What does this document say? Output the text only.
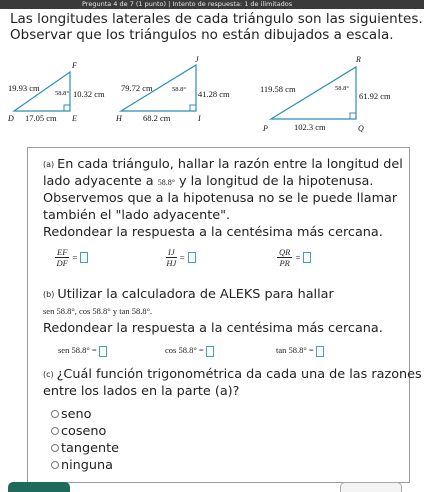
Pregunta 4 de 7 (1 punto) | Intento de respuesta: 1 de ilimitados
Las longitudes laterales de cada triángulo son las siguientes.
Observar que los triángulos no están dibujados a escala.
F
D	E
19.93 cm
10.32 cm
17.05 cm
58.8°
J
H	I
79.72 cm
41.28 cm
68.2 cm
58.8°
R
P	Q
119.58 cm
61.92 cm
102.3 cm
58.8°
(a) En cada triángulo, hallar la razón entre la longitud del
lado adyacente a 58.8° y la longitud de la hipotenusa.
Observemos que a la hipotenusa no se le puede llamar
también el "lado adyacente".
Redondear la respuesta a la centésima más cercana.
$\frac{EF}{DF}$ =	$\frac{IJ}{HJ}$ =	$\frac{QR}{PR}$ =
(b) Utilizar la calculadora de ALEKS para hallar
sen 58.8°, cos 58.8° y tan 58.8°.
Redondear la respuesta a la centésima más cercana.
sen 58.8° =	cos 58.8° =	tan 58.8° =
(c) ¿Cuál función trigonométrica da cada una de las razones
entre los lados en la parte (a)?
seno
coseno
tangente
ninguna
